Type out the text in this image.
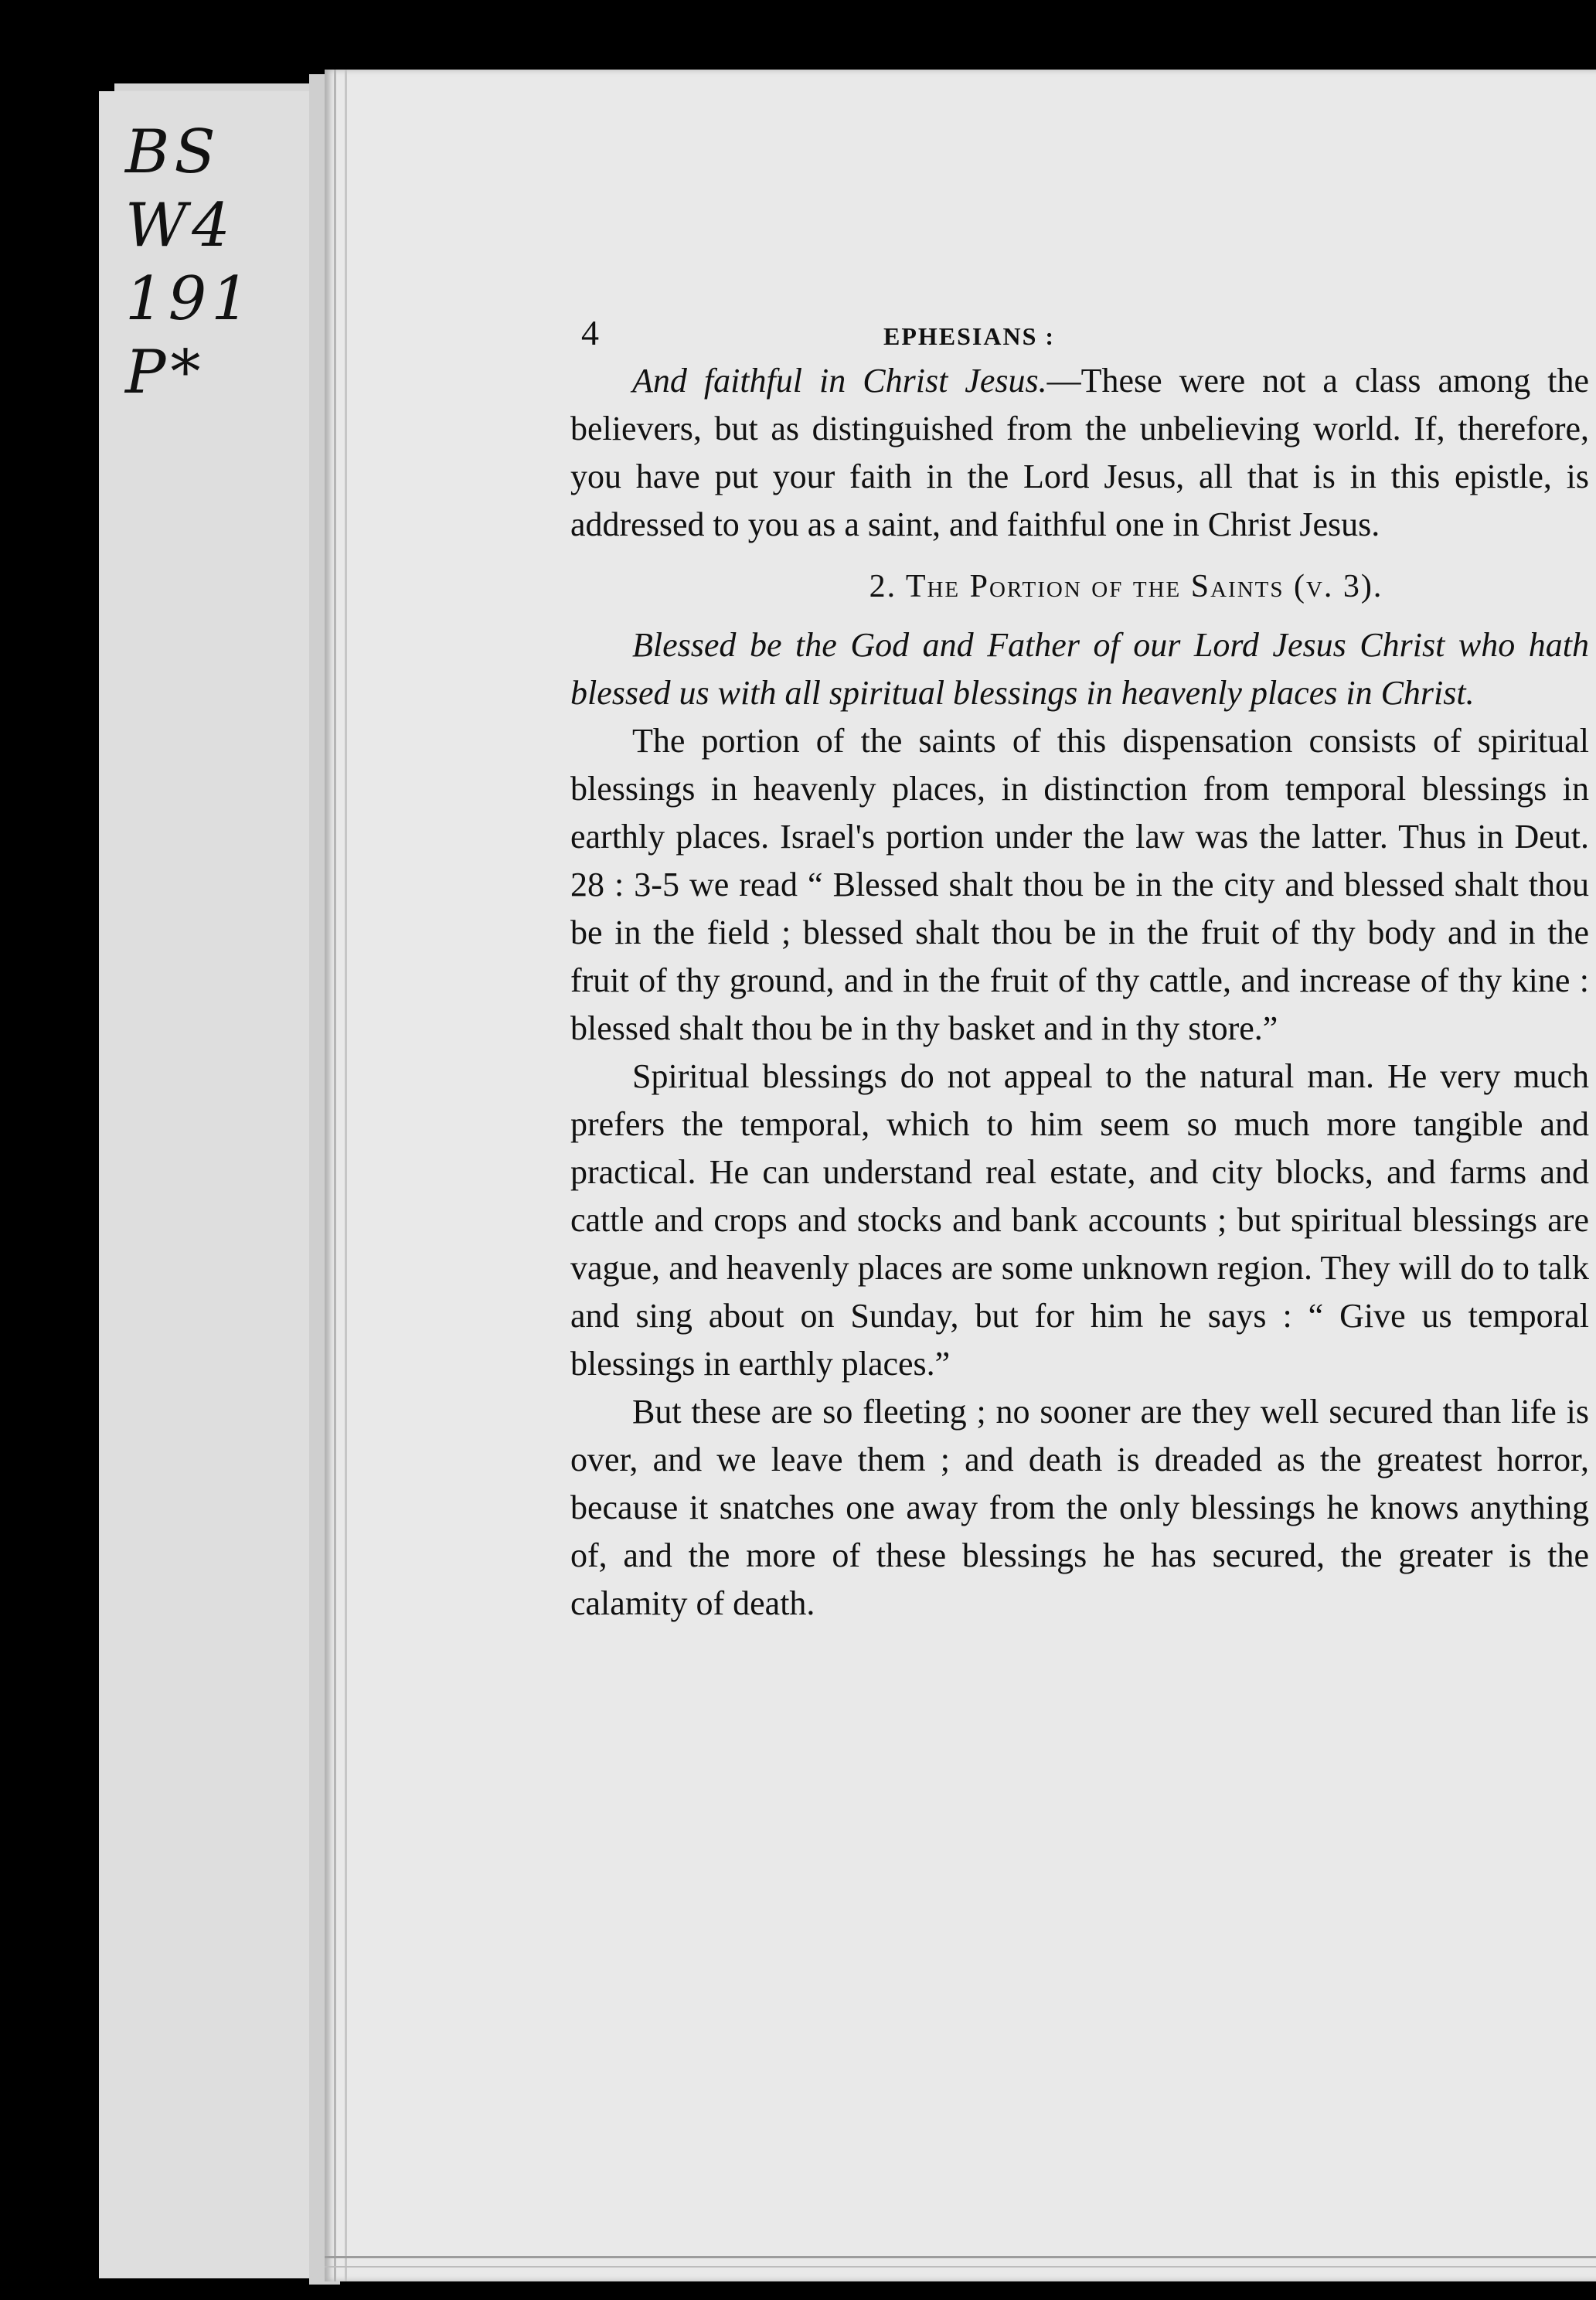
BS
W4
191
P*
4	EPHESIANS :

And faithful in Christ Jesus.—These were not a class among the believers, but as distinguished from the unbelieving world. If, therefore, you have put your faith in the Lord Jesus, all that is in this epistle, is addressed to you as a saint, and faithful one in Christ Jesus.

2. The Portion of the Saints (v. 3).

Blessed be the God and Father of our Lord Jesus Christ who hath blessed us with all spiritual blessings in heavenly places in Christ.

The portion of the saints of this dispensation consists of spiritual blessings in heavenly places, in distinction from temporal blessings in earthly places. Israel's portion under the law was the latter. Thus in Deut. 28 : 3-5 we read “ Blessed shalt thou be in the city and blessed shalt thou be in the field ; blessed shalt thou be in the fruit of thy body and in the fruit of thy ground, and in the fruit of thy cattle, and increase of thy kine : blessed shalt thou be in thy basket and in thy store.”

Spiritual blessings do not appeal to the natural man. He very much prefers the temporal, which to him seem so much more tangible and practical. He can understand real estate, and city blocks, and farms and cattle and crops and stocks and bank accounts ; but spiritual blessings are vague, and heavenly places are some unknown region. They will do to talk and sing about on Sunday, but for him he says : “ Give us temporal blessings in earthly places.”

But these are so fleeting ; no sooner are they well secured than life is over, and we leave them ; and death is dreaded as the greatest horror, because it snatches one away from the only blessings he knows anything of, and the more of these blessings he has secured, the greater is the calamity of death.
